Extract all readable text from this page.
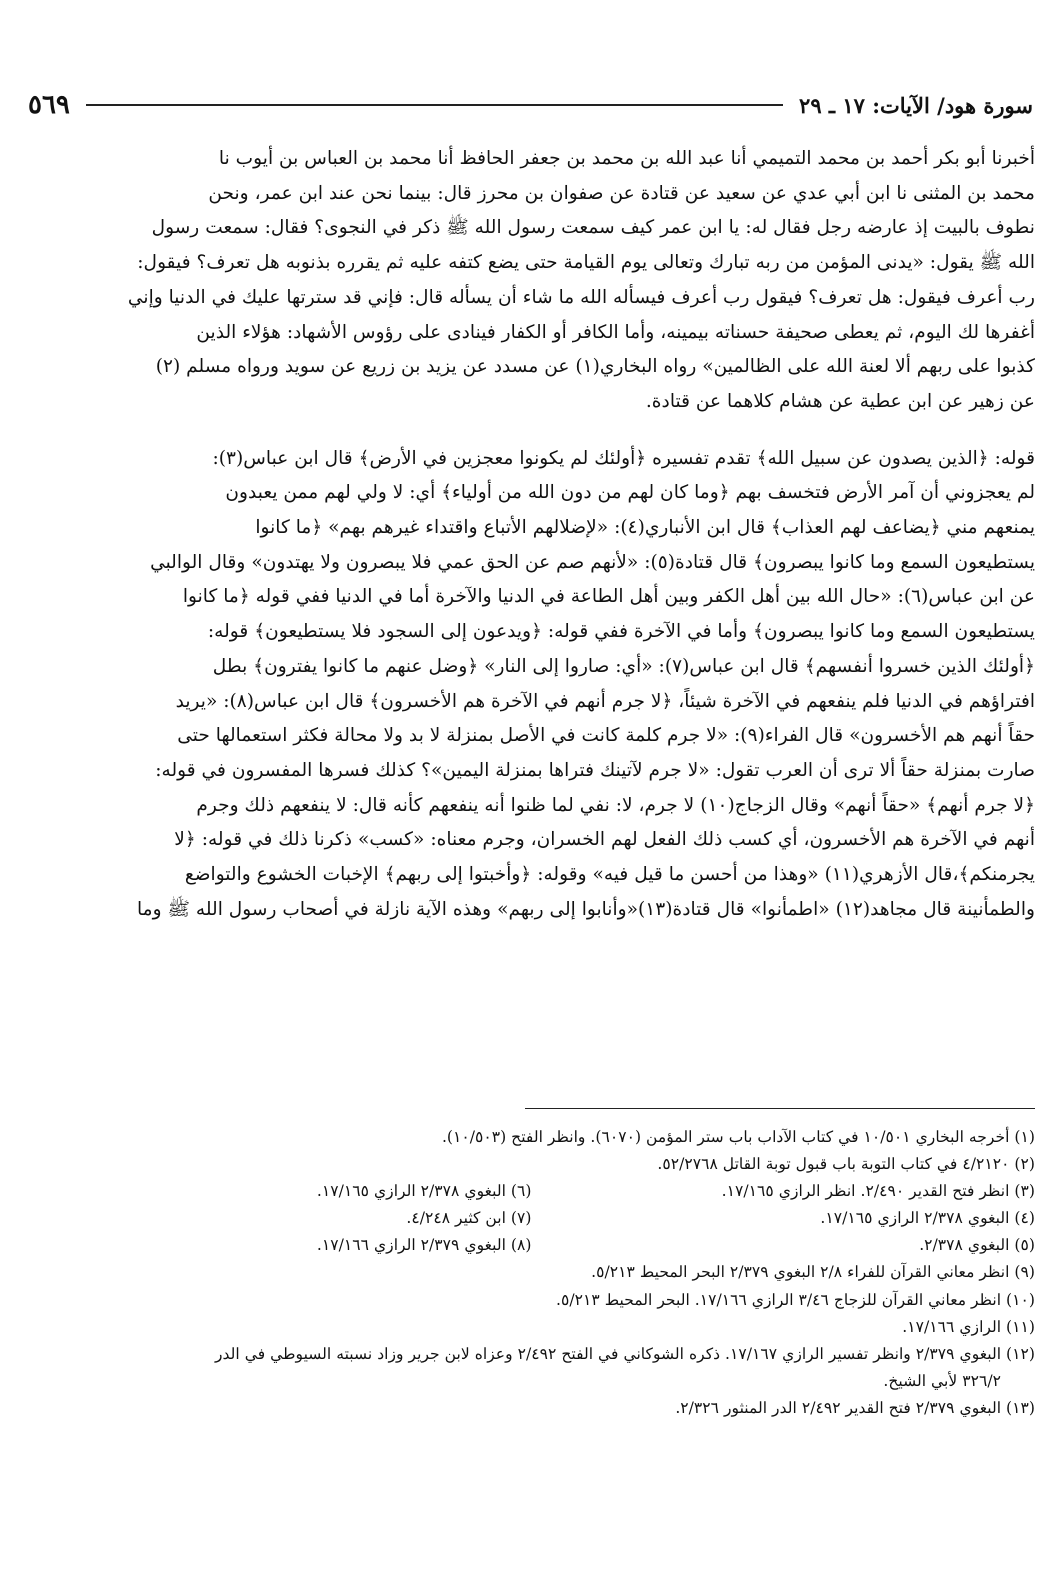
٥٦٩	سورة هود/ الآيات: ١٧ ـ ٢٩

أخبرنا أبو بكر أحمد بن محمد التميمي أنا عبد الله بن محمد بن جعفر الحافظ أنا محمد بن العباس بن أيوب نا

محمد بن المثنى نا ابن أبي عدي عن سعيد عن قتادة عن صفوان بن محرز قال: بينما نحن عند ابن عمر، ونحن

نطوف بالبيت إذ عارضه رجل فقال له: يا ابن عمر كيف سمعت رسول الله ﷺ ذكر في النجوى؟ فقال: سمعت رسول

الله ﷺ يقول: «يدنى المؤمن من ربه تبارك وتعالى يوم القيامة حتى يضع كتفه عليه ثم يقرره بذنوبه هل تعرف؟ فيقول:

رب أعرف فيقول: هل تعرف؟ فيقول رب أعرف فيسأله الله ما شاء أن يسأله قال: فإني قد سترتها عليك في الدنيا وإني

أغفرها لك اليوم، ثم يعطى صحيفة حسناته بيمينه، وأما الكافر أو الكفار فينادى على رؤوس الأشهاد: هؤلاء الذين

كذبوا على ربهم ألا لعنة الله على الظالمين» رواه البخاري(١) عن مسدد عن يزيد بن زريع عن سويد ورواه مسلم (٢)

عن زهير عن ابن عطية عن هشام كلاهما عن قتادة.

قوله: ﴿الذين يصدون عن سبيل الله﴾ تقدم تفسيره ﴿أولئك لم يكونوا معجزين في الأرض﴾ قال ابن عباس(٣):

لم يعجزوني أن آمر الأرض فتخسف بهم ﴿وما كان لهم من دون الله من أولياء﴾ أي: لا ولي لهم ممن يعبدون

يمنعهم مني ﴿يضاعف لهم العذاب﴾ قال ابن الأنباري(٤): «لإضلالهم الأتباع واقتداء غيرهم بهم» ﴿ما كانوا

يستطيعون السمع وما كانوا يبصرون﴾ قال قتادة(٥): «لأنهم صم عن الحق عمي فلا يبصرون ولا يهتدون» وقال الوالبي

عن ابن عباس(٦): «حال الله بين أهل الكفر وبين أهل الطاعة في الدنيا والآخرة أما في الدنيا ففي قوله ﴿ما كانوا

يستطيعون السمع وما كانوا يبصرون﴾ وأما في الآخرة ففي قوله: ﴿ويدعون إلى السجود فلا يستطيعون﴾ قوله:

﴿أولئك الذين خسروا أنفسهم﴾ قال ابن عباس(٧): «أي: صاروا إلى النار» ﴿وضل عنهم ما كانوا يفترون﴾ بطل

افتراؤهم في الدنيا فلم ينفعهم في الآخرة شيئاً، ﴿لا جرم أنهم في الآخرة هم الأخسرون﴾ قال ابن عباس(٨): «يريد

حقاً أنهم هم الأخسرون» قال الفراء(٩): «لا جرم كلمة كانت في الأصل بمنزلة لا بد ولا محالة فكثر استعمالها حتى

صارت بمنزلة حقاً ألا ترى أن العرب تقول: «لا جرم لآتينك فتراها بمنزلة اليمين»؟ كذلك فسرها المفسرون في قوله:

﴿لا جرم أنهم﴾ «حقاً أنهم» وقال الزجاج(١٠) لا جرم، لا: نفي لما ظنوا أنه ينفعهم كأنه قال: لا ينفعهم ذلك وجرم

أنهم في الآخرة هم الأخسرون، أي كسب ذلك الفعل لهم الخسران، وجرم معناه: «كسب» ذكرنا ذلك في قوله: ﴿لا

يجرمنكم﴾،قال الأزهري(١١) «وهذا من أحسن ما قيل فيه» وقوله: ﴿وأخبتوا إلى ربهم﴾ الإخبات الخشوع والتواضع

والطمأنينة قال مجاهد(١٢) «اطمأنوا» قال قتادة(١٣)«وأنابوا إلى ربهم» وهذه الآية نازلة في أصحاب رسول الله ﷺ وما

(١) أخرجه البخاري ١٠/٥٠١ في كتاب الآداب باب ستر المؤمن (٦٠٧٠). وانظر الفتح (١٠/٥٠٣).
(٢) ٤/٢١٢٠ في كتاب التوبة باب قبول توبة القاتل ٥٢/٢٧٦٨.
(٣) انظر فتح القدير ٢/٤٩٠. انظر الرازي ١٧/١٦٥.
(٦) البغوي ٢/٣٧٨ الرازي ١٧/١٦٥.
(٤) البغوي ٢/٣٧٨ الرازي ١٧/١٦٥.
(٧) ابن كثير ٤/٢٤٨.
(٥) البغوي ٢/٣٧٨.
(٨) البغوي ٢/٣٧٩ الرازي ١٧/١٦٦.
(٩) انظر معاني القرآن للفراء ٢/٨ البغوي ٢/٣٧٩ البحر المحيط ٥/٢١٣.
(١٠) انظر معاني القرآن للزجاج ٣/٤٦ الرازي ١٧/١٦٦. البحر المحيط ٥/٢١٣.
(١١) الرازي ١٧/١٦٦.
(١٢) البغوي ٢/٣٧٩ وانظر تفسير الرازي ١٧/١٦٧. ذكره الشوكاني في الفتح ٢/٤٩٢ وعزاه لابن جرير وزاد نسبته السيوطي في الدر
٣٢٦/٢ لأبي الشيخ.
(١٣) البغوي ٢/٣٧٩ فتح القدير ٢/٤٩٢ الدر المنثور ٢/٣٢٦.
